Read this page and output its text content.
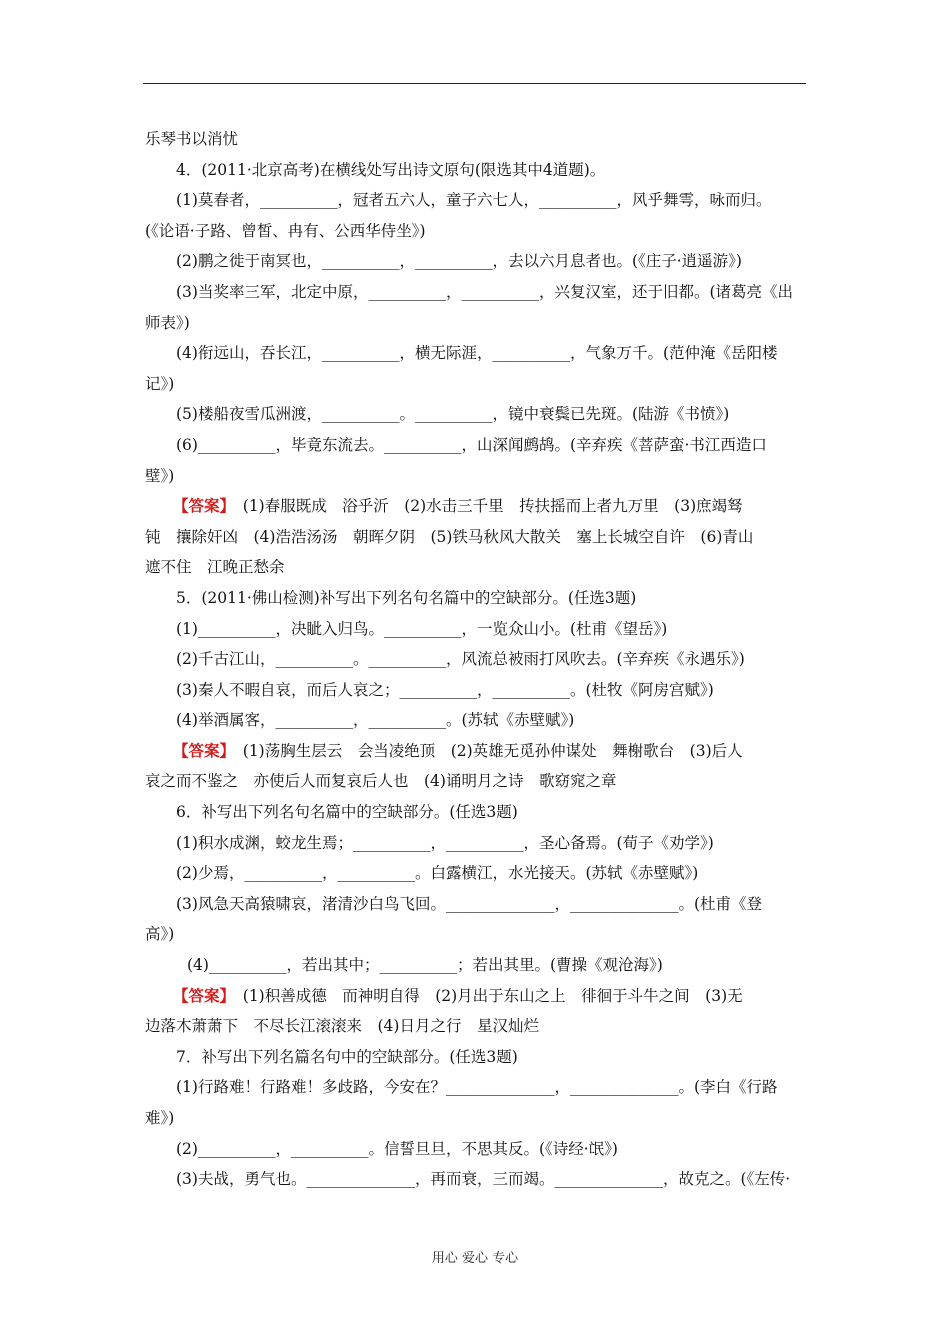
乐琴书以消忧
4．(2011·北京高考)在横线处写出诗文原句(限选其中4道题)。
(1)莫春者，__________，冠者五六人，童子六七人，__________，风乎舞雩，咏而归。
(《论语·子路、曾皙、冉有、公西华侍坐》)
(2)鹏之徙于南冥也，__________，__________，去以六月息者也。(《庄子·逍遥游》)
(3)当奖率三军，北定中原，__________，__________，兴复汉室，还于旧都。(诸葛亮《出
师表》)
(4)衔远山，吞长江，__________，横无际涯，__________，气象万千。(范仲淹《岳阳楼
记》)
(5)楼船夜雪瓜洲渡，__________。__________，镜中衰鬓已先斑。(陆游《书愤》)
(6)__________，毕竟东流去。__________，山深闻鹧鸪。(辛弃疾《菩萨蛮·书江西造口
壁》)
【答案】　(1)春服既成　浴乎沂　(2)水击三千里　抟扶摇而上者九万里　(3)庶竭驽
钝　攘除奸凶　(4)浩浩汤汤　朝晖夕阴　(5)铁马秋风大散关　塞上长城空自许　(6)青山
遮不住　江晚正愁余
5．(2011·佛山检测)补写出下列名句名篇中的空缺部分。(任选3题)
(1)__________，决眦入归鸟。__________，一览众山小。(杜甫《望岳》)
(2)千古江山，__________。__________，风流总被雨打风吹去。(辛弃疾《永遇乐》)
(3)秦人不暇自哀，而后人哀之；__________，__________。(杜牧《阿房宫赋》)
(4)举酒属客，__________，__________。(苏轼《赤壁赋》)
【答案】　(1)荡胸生层云　会当凌绝顶　(2)英雄无觅孙仲谋处　舞榭歌台　(3)后人
哀之而不鉴之　亦使后人而复哀后人也　(4)诵明月之诗　歌窈窕之章
6．补写出下列名句名篇中的空缺部分。(任选3题)
(1)积水成渊，蛟龙生焉；__________，__________，圣心备焉。(荀子《劝学》)
(2)少焉，__________，__________。白露横江，水光接天。(苏轼《赤壁赋》)
(3)风急天高猿啸哀，渚清沙白鸟飞回。______________，______________。(杜甫《登
高》)
(4)__________，若出其中；__________；若出其里。(曹操《观沧海》)
【答案】　(1)积善成德　而神明自得　(2)月出于东山之上　徘徊于斗牛之间　(3)无
边落木萧萧下　不尽长江滚滚来　(4)日月之行　星汉灿烂
7．补写出下列名篇名句中的空缺部分。(任选3题)
(1)行路难！行路难！多歧路，今安在？______________，______________。(李白《行路
难》)
(2)__________，__________。信誓旦旦，不思其反。(《诗经·氓》)
(3)夫战，勇气也。______________，再而衰，三而竭。______________，故克之。(《左传·
用心 爱心 专心
